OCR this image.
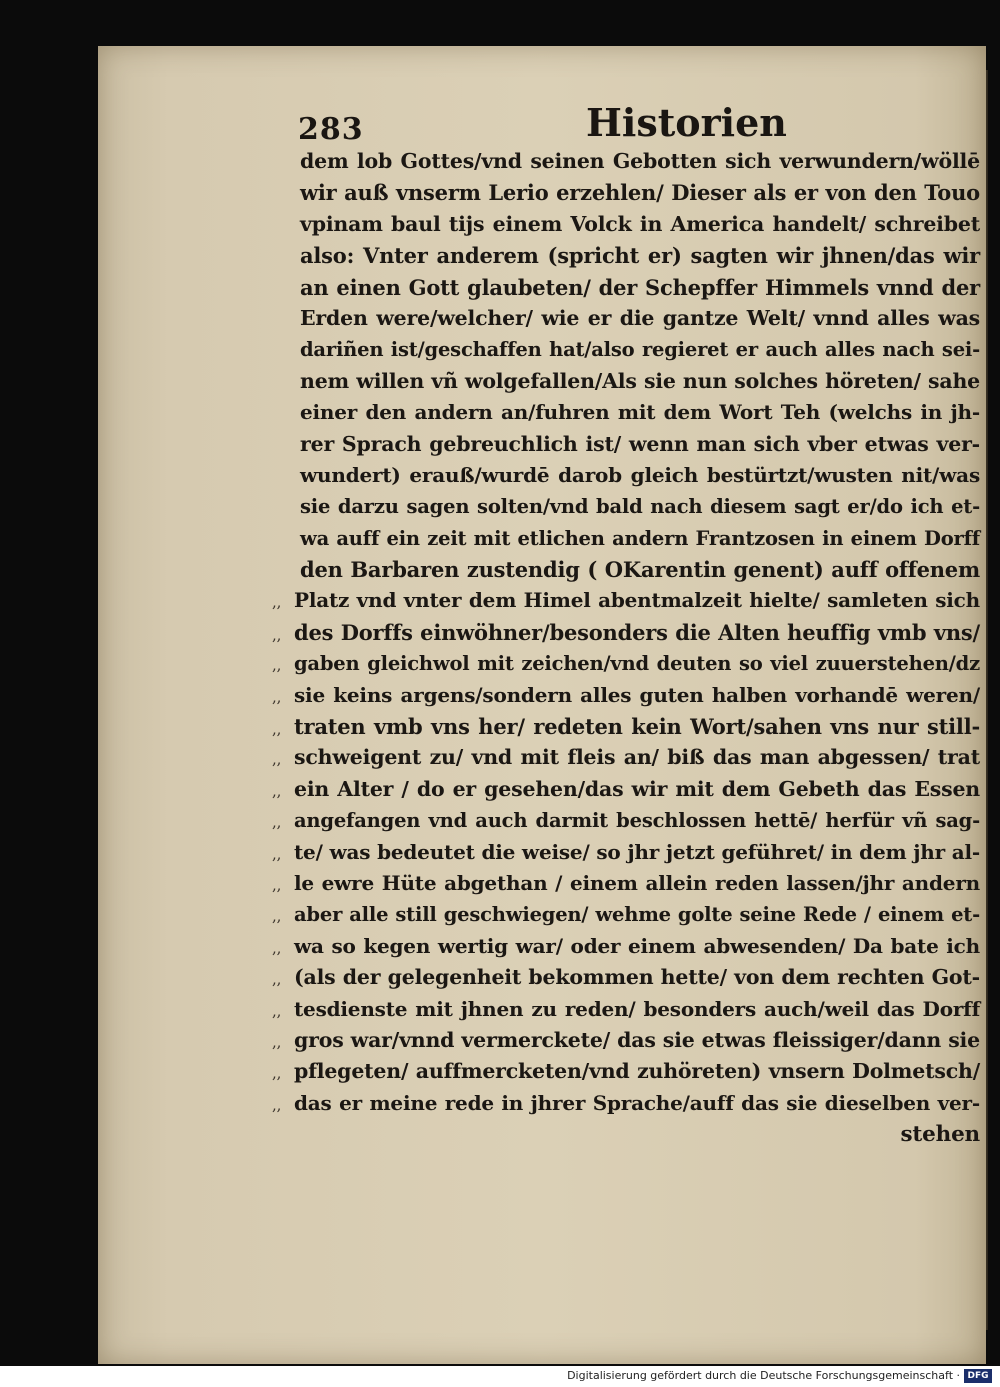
283	Historien
dem lob Gottes/vnd seinen Gebotten sich verwundern/wöllē
wir auß vnserm Lerio erzehlen/ Dieser als er von den Touo
vpinam baul tijs einem Volck in America handelt/ schreibet
also: Vnter anderem (spricht er) sagten wir jhnen/das wir
an einen Gott glaubeten/ der Schepffer Himmels vnnd der
Erden were/welcher/ wie er die gantze Welt/ vnnd alles was
dariñen ist/geschaffen hat/also regieret er auch alles nach sei-
nem willen vñ wolgefallen/Als sie nun solches höreten/ sahe
einer den andern an/fuhren mit dem Wort Teh (welchs in jh-
rer Sprach gebreuchlich ist/ wenn man sich vber etwas ver-
wundert) erauß/wurdē darob gleich bestürtzt/wusten nit/was
sie darzu sagen solten/vnd bald nach diesem sagt er/do ich et-
wa auff ein zeit mit etlichen andern Frantzosen in einem Dorff
den Barbaren zustendig ( OKarentin genent) auff offenem
,, Platz vnd vnter dem Himel abentmalzeit hielte/ samleten sich
,, des Dorffs einwöhner/besonders die Alten heuffig vmb vns/
,, gaben gleichwol mit zeichen/vnd deuten so viel zuuerstehen/dz
,, sie keins argens/sondern alles guten halben vorhandē weren/
,, traten vmb vns her/ redeten kein Wort/sahen vns nur still-
,, schweigent zu/ vnd mit fleis an/ biß das man abgessen/ trat
,, ein Alter / do er gesehen/das wir mit dem Gebeth das Essen
,, angefangen vnd auch darmit beschlossen hettē/ herfür vñ sag-
,, te/ was bedeutet die weise/ so jhr jetzt geführet/ in dem jhr al-
,, le ewre Hüte abgethan / einem allein reden lassen/jhr andern
,, aber alle still geschwiegen/ wehme golte seine Rede / einem et-
,, wa so kegen wertig war/ oder einem abwesenden/ Da bate ich
,, (als der gelegenheit bekommen hette/ von dem rechten Got-
,, tesdienste mit jhnen zu reden/ besonders auch/weil das Dorff
,, gros war/vnnd vermerckete/ das sie etwas fleissiger/dann sie
,, pflegeten/ auffmercketen/vnd zuhöreten) vnsern Dolmetsch/
,, das er meine rede in jhrer Sprache/auff das sie dieselben ver-
stehen
Digitalisierung gefördert durch die Deutsche Forschungsgemeinschaft · DFG
